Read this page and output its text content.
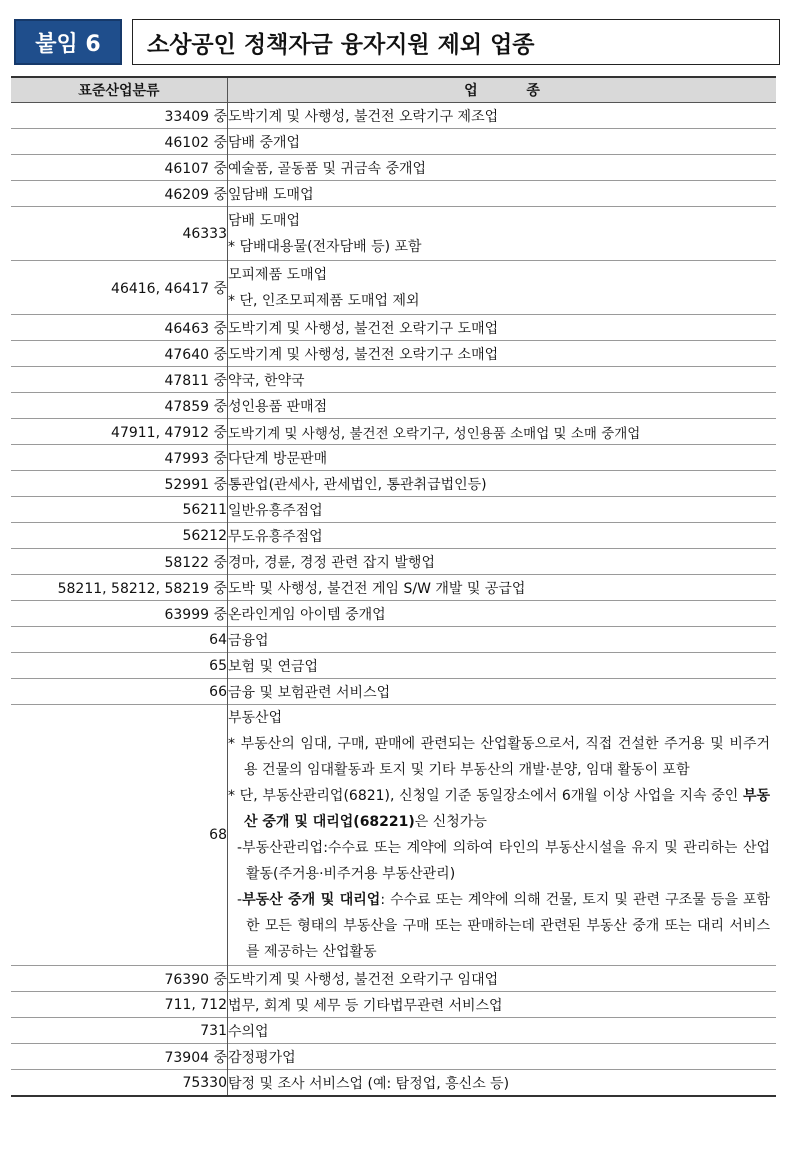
붙임 6	소상공인 정책자금 융자지원 제외 업종
표준산업분류	업          종
33409 중	도박기계 및 사행성, 불건전 오락기구 제조업
46102 중	담배 중개업
46107 중	예술품, 골동품 및 귀금속 중개업
46209 중	잎담배 도매업
46333	담배 도매업
* 담배대용물(전자담배 등) 포함

46416, 46417 중	모피제품 도매업
* 단, 인조모피제품 도매업 제외

46463 중	도박기계 및 사행성, 불건전 오락기구 도매업
47640 중	도박기계 및 사행성, 불건전 오락기구 소매업
47811 중	약국, 한약국
47859 중	성인용품 판매점
47911, 47912 중	도박기계 및 사행성, 불건전 오락기구, 성인용품 소매업 및 소매 중개업
47993 중	다단계 방문판매
52991 중	통관업(관세사, 관세법인, 통관취급법인등)
56211	일반유흥주점업
56212	무도유흥주점업
58122 중	경마, 경륜, 경정 관련 잡지 발행업
58211, 58212, 58219 중	도박 및 사행성, 불건전 게임 S/W 개발 및 공급업
63999 중	온라인게임 아이템 중개업
64	금융업
65	보험 및 연금업
66	금융 및 보험관련 서비스업
68	부동산업
* 부동산의 임대, 구매, 판매에 관련되는 산업활동으로서, 직접 건설한 주거용 및 비주거용 건물의 임대활동과 토지 및 기타 부동산의 개발·분양, 임대 활동이 포함
* 단, 부동산관리업(6821), 신청일 기준 동일장소에서 6개월 이상 사업을 지속 중인 부동산 중개 및 대리업(68221)은 신청가능
-부동산관리업:수수료 또는 계약에 의하여 타인의 부동산시설을 유지 및 관리하는 산업활동(주거용·비주거용 부동산관리)
-부동산 중개 및 대리업: 수수료 또는 계약에 의해 건물, 토지 및 관련 구조물 등을 포함한 모든 형태의 부동산을 구매 또는 판매하는데 관련된 부동산 중개 또는 대리 서비스를 제공하는 산업활동

76390 중	도박기계 및 사행성, 불건전 오락기구 임대업
711, 712	법무, 회계 및 세무 등 기타법무관련 서비스업
731	수의업
73904 중	감정평가업
75330	탐정 및 조사 서비스업 (예: 탐정업, 흥신소 등)
